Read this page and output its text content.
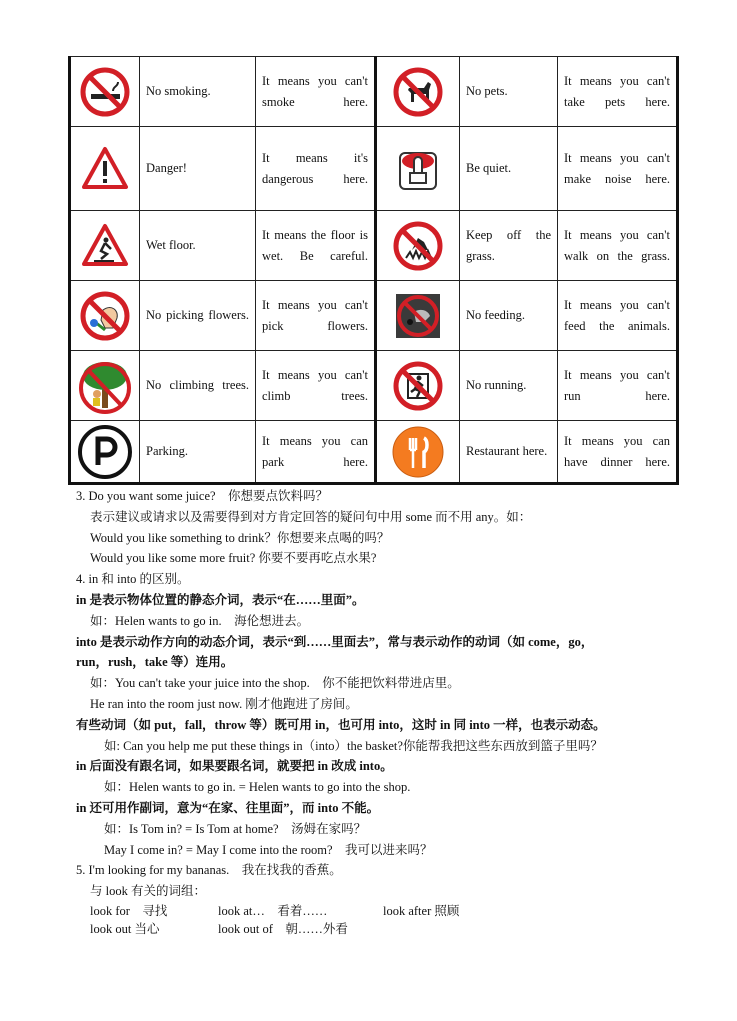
	No smoking.	It means you can't smoke here.		No pets.	It means you can't take pets here.

	Danger!	It means it's dangerous here.		Be quiet.	It means you can't make noise here.

	Wet floor.	It means the floor is wet. Be careful.		Keep off the grass.	It means you can't walk on the grass.

	No picking flowers.	It means you can't pick flowers.		No feeding.	It means you can't feed the animals.

	No climbing trees.	It means you can't climb trees.		No running.	It means you can't run here.

	Parking.	It means you can park here.		Restaurant here.	It means you can have dinner here.

3. Do you want some juice?　你想要点饮料吗？

表示建议或请求以及需要得到对方肯定回答的疑问句中用 some 而不用 any。如：

Would you like something to drink？你想要来点喝的吗？

Would you like some more fruit? 你要不要再吃点水果?

4. in 和 into 的区别。

in 是表示物体位置的静态介词，表示“在……里面”。

如：Helen wants to go in.　海伦想进去。

into 是表示动作方向的动态介词，表示“到……里面去”，常与表示动作的动词（如 come，go，

run，rush，take 等）连用。

如：You can't take your juice into the shop.　你不能把饮料带进店里。

He ran into the room just now. 刚才他跑进了房间。

有些动词（如 put，fall，throw 等）既可用 in，也可用 into，这时 in 同 into 一样，也表示动态。

如: Can you help me put these things in（into）the basket?你能帮我把这些东西放到篮子里吗？

in 后面没有跟名词，如果要跟名词，就要把 in 改成 into。

如：Helen wants to go in. = Helen wants to go into the shop.

in 还可用作副词，意为“在家、往里面”，而 into 不能。

如：Is Tom in? = Is Tom at home?　汤姆在家吗？

May I come in? = May I come into the room?　我可以进来吗？

5. I'm looking for my bananas.　我在找我的香蕉。

与 look 有关的词组：

look for　寻找	look at…　看着……	look after 照顾

look out 当心	look out of　朝……外看
